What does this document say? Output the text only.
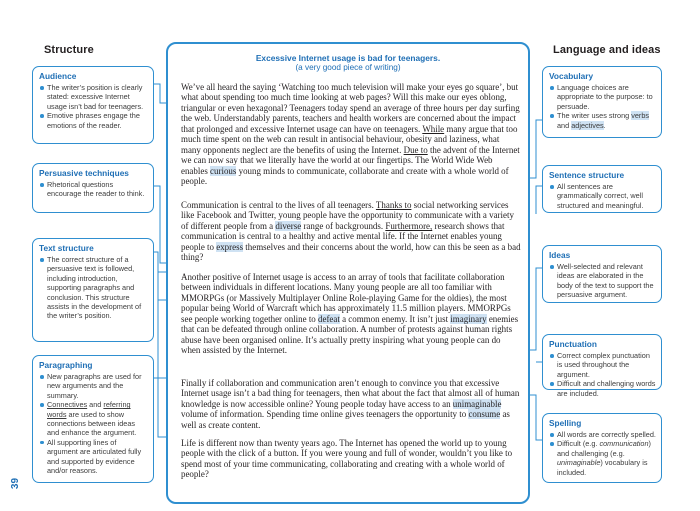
Structure	Language and ideas
Excessive Internet usage is bad for teenagers.
(a very good piece of writing)

We’ve all heard the saying ‘Watching too much television will make your eyes go square’, but what about spending too much time looking at web pages? Will this make our eyes oblong, triangular or even hexagonal? Teenagers today spend an average of three hours per day surfing the web. Understandably parents, teachers and health workers are concerned about the impact that prolonged and excessive Internet usage can have on teenagers. While many argue that too much time spent on the web can result in antisocial behaviour, obesity and laziness, what many opponents neglect are the benefits of using the Internet. Due to the advent of the Internet we can now say that we literally have the world at our fingertips. The World Wide Web enables curious young minds to communicate, collaborate and create with a whole world of people.

Communication is central to the lives of all teenagers. Thanks to social networking services like Facebook and Twitter, young people have the opportunity to communicate with a variety of different people from a diverse range of backgrounds. Furthermore, research shows that communication is central to a healthy and active mental life. If the Internet enables young people to express themselves and their concerns about the world, how can this be seen as a bad thing?

Another positive of Internet usage is access to an array of tools that facilitate collaboration between individuals in different locations. Many young people are all too familiar with MMORPGs (or Massively Multiplayer Online Role-playing Game for the oldies), the most popular being World of Warcraft which has approximately 11.5 million players. MMORPGs see people working together online to defeat a common enemy. It isn’t just imaginary enemies that can be defeated through online collaboration. A number of protests against human rights abuse have been organised online. It’s actually pretty inspiring what young people can do when assisted by the Internet.

Finally if collaboration and communication aren’t enough to convince you that excessive Internet usage isn’t a bad thing for teenagers, then what about the fact that almost all of human knowledge is now accessible online? Young people today have access to an unimaginable volume of information. Spending time online gives teenagers the opportunity to consume as well as create content.

Life is different now than twenty years ago. The Internet has opened the world up to young people with the click of a button. If you were young and full of wonder, wouldn’t you like to spend most of your time communicating, collaborating and creating with a whole world of people?

Audience
The writer’s position is clearly stated: excessive Internet usage isn’t bad for teenagers.
Emotive phrases engage the emotions of the reader.
Persuasive techniques
Rhetorical questions encourage the reader to think.
Text structure
The correct structure of a persuasive text is followed, including introduction, supporting paragraphs and conclusion. This structure assists in the development of the writer’s position.
Paragraphing
New paragraphs are used for new arguments and the summary.
Connectives and referring words are used to show connections between ideas and enhance the argument.
All supporting lines of argument are articulated fully and supported by evidence and/or reasons.
Vocabulary
Language choices are appropriate to the purpose: to persuade.
The writer uses strong verbs and adjectives.
Sentence structure
All sentences are grammatically correct, well structured and meaningful.
Ideas
Well-selected and relevant ideas are elaborated in the body of the text to support the persuasive argument.
Punctuation
Correct complex punctuation is used throughout the argument.
Difficult and challenging words are included.
Spelling
All words are correctly spelled.
Difficult (e.g. communication) and challenging (e.g. unimaginable) vocabulary is included.
39
